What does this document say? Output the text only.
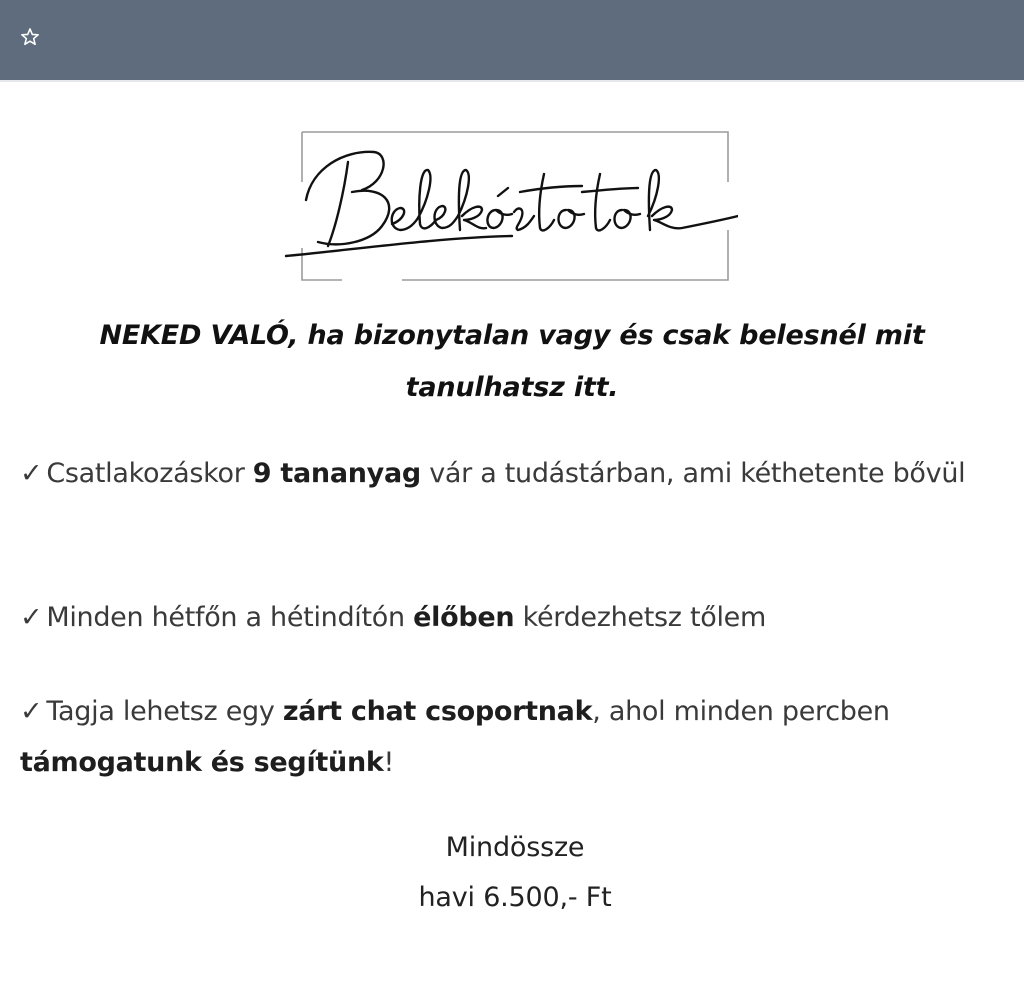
NEKED VALÓ, ha bizonytalan vagy és csak belesnél mit
tanulhatsz itt.
✓ Csatlakozáskor 9 tananyag vár a tudástárban, ami kéthetente bővül
✓ Minden hétfőn a hétindítón élőben kérdezhetsz tőlem
✓ Tagja lehetsz egy zárt chat csoportnak, ahol minden percben támogatunk és segítünk!
Mindössze
havi 6.500,- Ft
